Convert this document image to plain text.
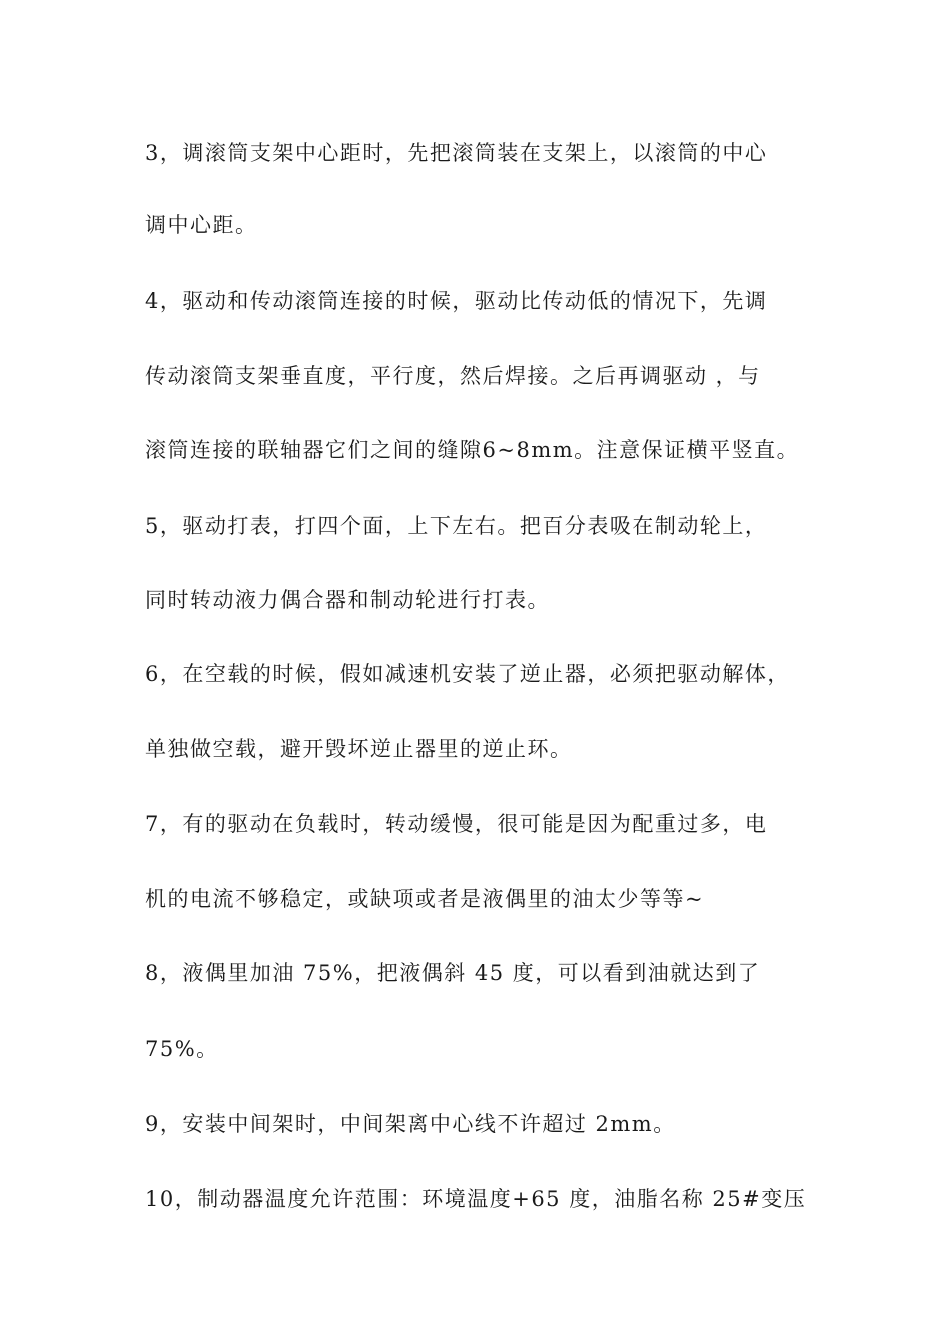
3，调滚筒支架中心距时，先把滚筒装在支架上，以滚筒的中心
调中心距。
4，驱动和传动滚筒连接的时候，驱动比传动低的情况下，先调
传动滚筒支架垂直度，平行度，然后焊接。之后再调驱动 ，与
滚筒连接的联轴器它们之间的缝隙6~8mm。注意保证横平竖直。
5，驱动打表，打四个面，上下左右。把百分表吸在制动轮上，
同时转动液力偶合器和制动轮进行打表。
6，在空载的时候，假如减速机安装了逆止器，必须把驱动解体，
单独做空载，避开毁坏逆止器里的逆止环。
7，有的驱动在负载时，转动缓慢，很可能是因为配重过多，电
机的电流不够稳定，或缺项或者是液偶里的油太少等等~
8，液偶里加油 75%，把液偶斜 45 度，可以看到油就达到了
75%。
9，安装中间架时，中间架离中心线不许超过 2mm。
10，制动器温度允许范围：环境温度+65 度，油脂名称 25#变压
